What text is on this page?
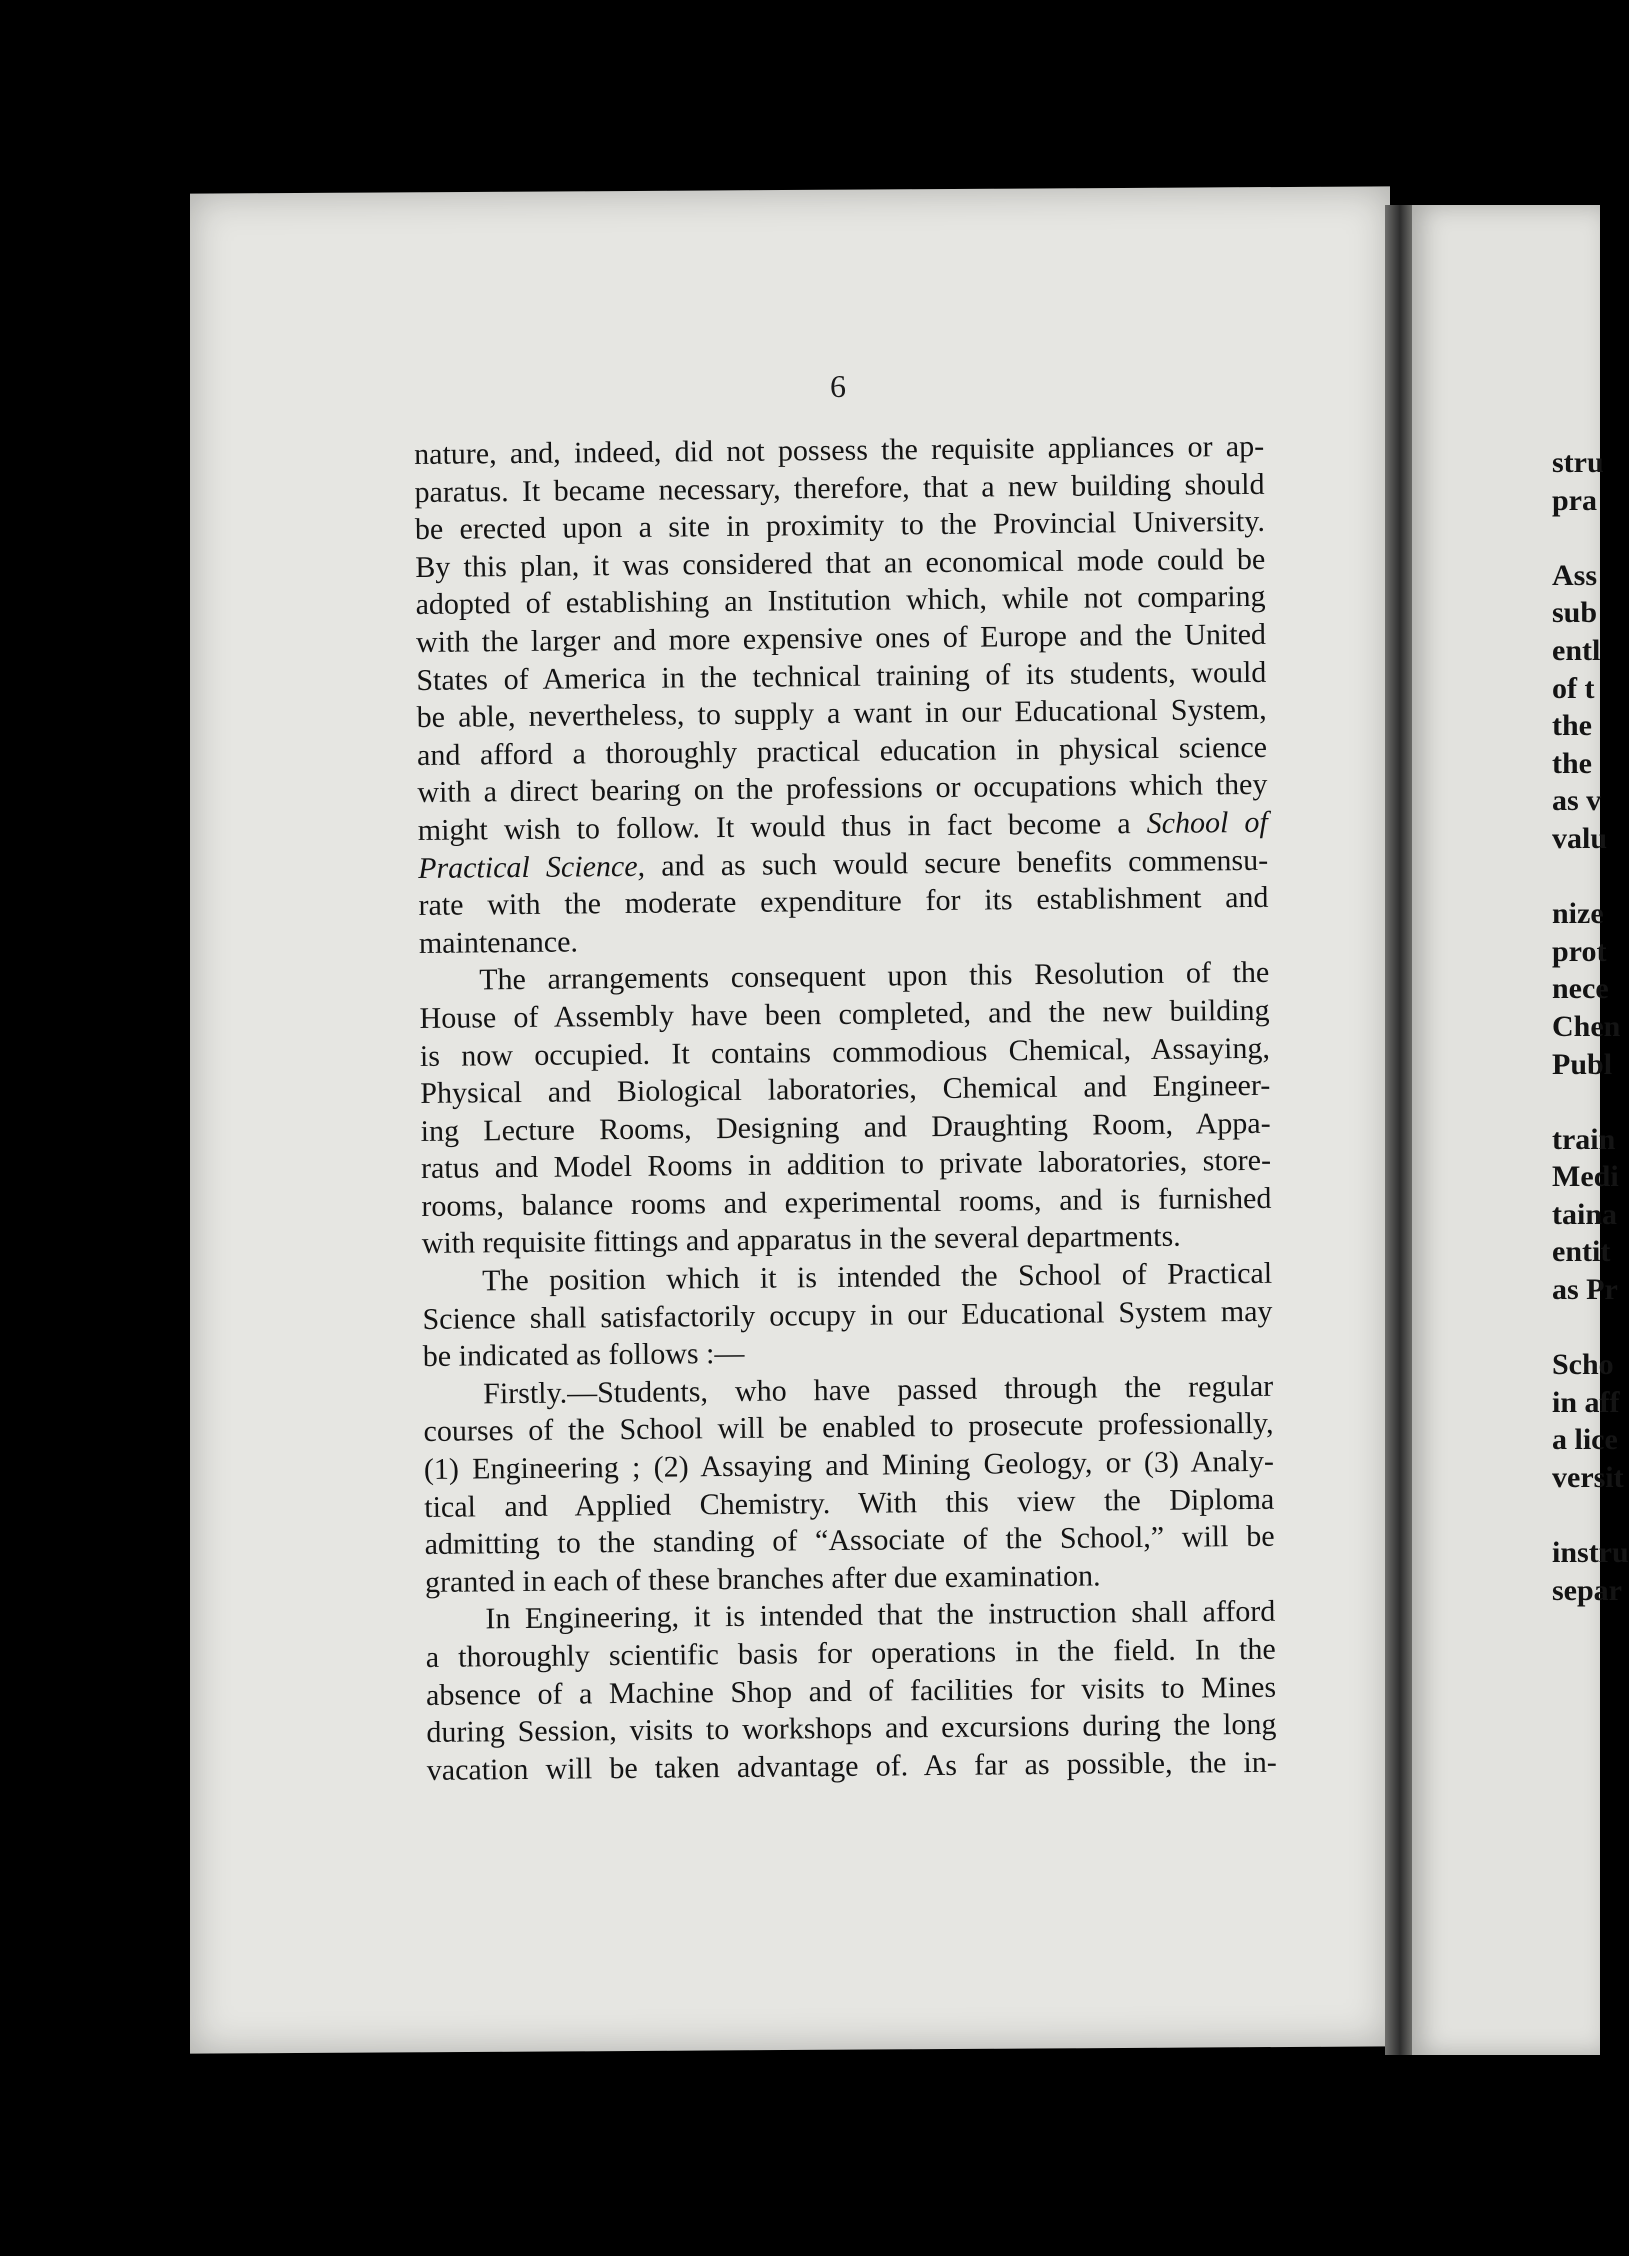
6
nature, and, indeed, did not possess the requisite appliances or ap-
paratus. It became necessary, therefore, that a new building should
be erected upon a site in proximity to the Provincial University.
By this plan, it was considered that an economical mode could be
adopted of establishing an Institution which, while not comparing
with the larger and more expensive ones of Europe and the United
States of America in the technical training of its students, would
be able, nevertheless, to supply a want in our Educational System,
and afford a thoroughly practical education in physical science
with a direct bearing on the professions or occupations which they
might wish to follow. It would thus in fact become a School of
Practical Science, and as such would secure benefits commensu-
rate with the moderate expenditure for its establishment and
maintenance.
The arrangements consequent upon this Resolution of the
House of Assembly have been completed, and the new building
is now occupied. It contains commodious Chemical, Assaying,
Physical and Biological laboratories, Chemical and Engineer-
ing Lecture Rooms, Designing and Draughting Room, Appa-
ratus and Model Rooms in addition to private laboratories, store-
rooms, balance rooms and experimental rooms, and is furnished
with requisite fittings and apparatus in the several departments.
The position which it is intended the School of Practical
Science shall satisfactorily occupy in our Educational System may
be indicated as follows :—
Firstly.—Students, who have passed through the regular
courses of the School will be enabled to prosecute professionally,
(1) Engineering ; (2) Assaying and Mining Geology, or (3) Analy-
tical and Applied Chemistry. With this view the Diploma
admitting to the standing of “Associate of the School,” will be
granted in each of these branches after due examination.
In Engineering, it is intended that the instruction shall afford
a thoroughly scientific basis for operations in the field. In the
absence of a Machine Shop and of facilities for visits to Mines
during Session, visits to workshops and excursions during the long
vacation will be taken advantage of. As far as possible, the in-
stru
pra
Ass
sub
entl
of t
the
the
as v
valu
nize
prot
nece
Chen
Publ
train
Medi
taina
entit
as Pr
Scho
in aff
a lice
versit
instru
separ
